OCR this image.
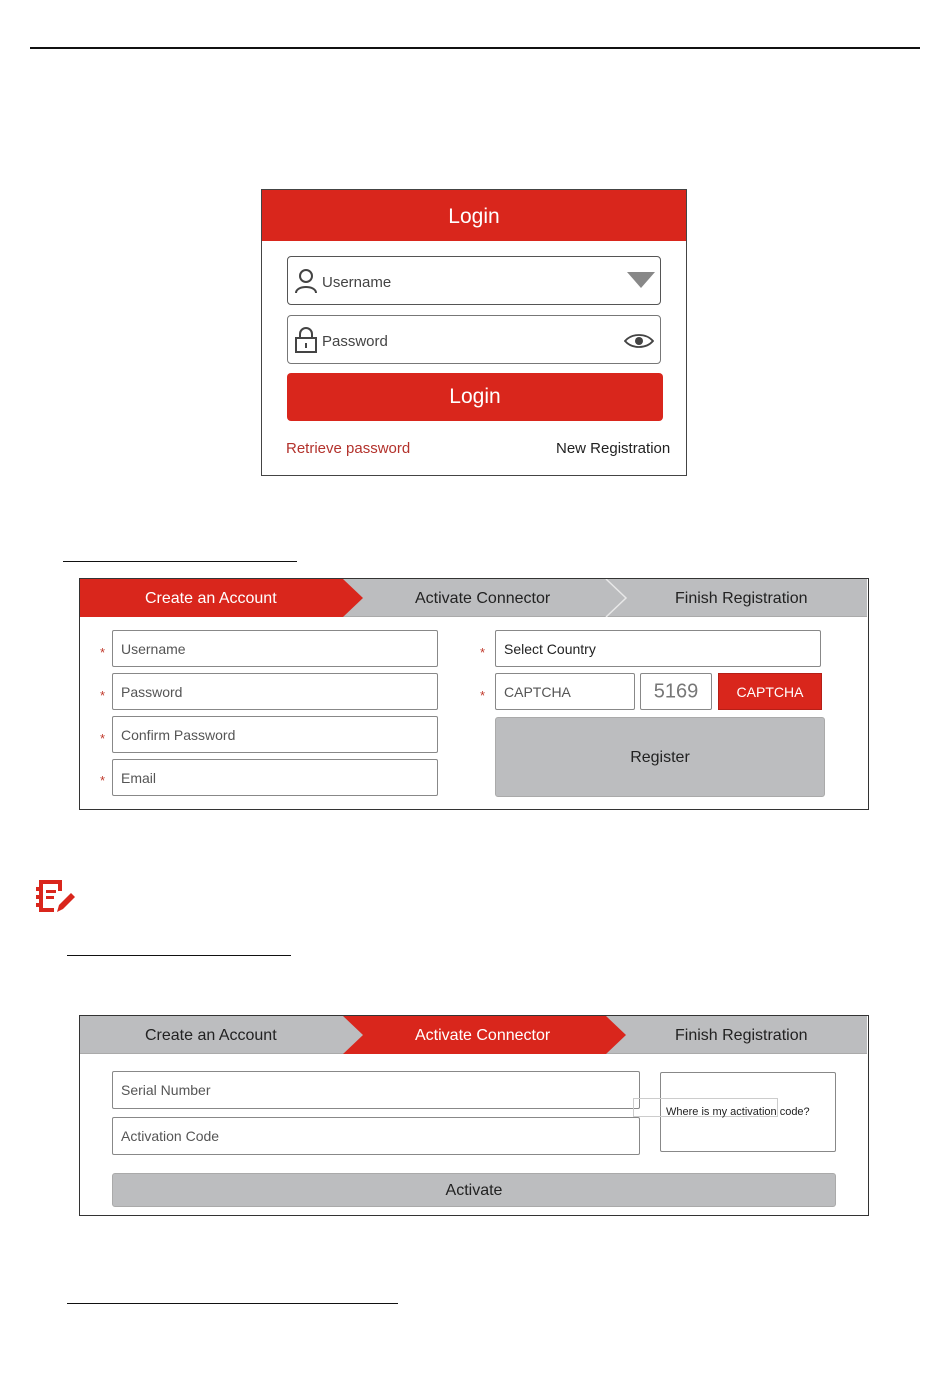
Login
Username
Password
Login
Retrieve password	New Registration
Create an Account	Activate Connector	Finish Registration
* Username
* Password
* Confirm Password
* Email
* Select Country
* CAPTCHA	5169	CAPTCHA
Register
Create an Account	Activate Connector	Finish Registration
Serial Number
Activation Code
Where is my activation code?
Activate
